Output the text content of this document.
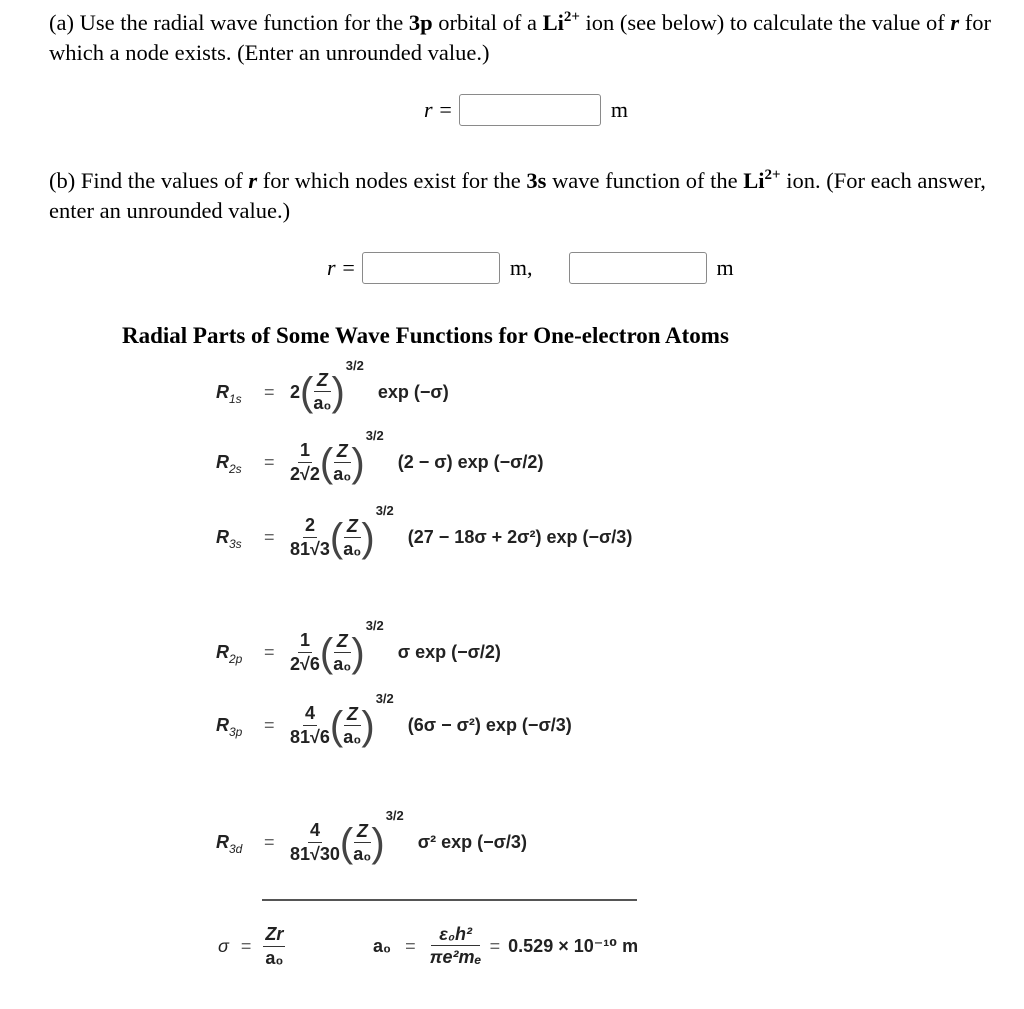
(a) Use the radial wave function for the 3p orbital of a $Li^{2+}$ ion (see below) to calculate the value of r for which a node exists. (Enter an unrounded value.)
r =	m
(b) Find the values of r for which nodes exist for the 3s wave function of the $Li^{2+}$ ion. (For each answer, enter an unrounded value.)
r =	m,	m
Radial Parts of Some Wave Functions for One-electron Atoms
$R_{1s}$	= 2 ( $\frac{Z}{\text{a₀}}$ )
3/2
exp (−σ)
$R_{2s}$	= $\frac{1}{2√2}$ ( $\frac{Z}{\text{a₀}}$ )
3/2
(2 − σ) exp (−σ/2)
$R_{3s}$	= $\frac{2}{81√3}$ ( $\frac{Z}{\text{a₀}}$ )
3/2
(27 − 18σ + 2σ²) exp (−σ/3)
$R_{2p}$	= $\frac{1}{2√6}$ ( $\frac{Z}{\text{a₀}}$ )
3/2
σ exp (−σ/2)
$R_{3p}$	= $\frac{4}{81√6}$ ( $\frac{Z}{\text{a₀}}$ )
3/2
(6σ − σ²) exp (−σ/3)
$R_{3d}$	= $\frac{4}{81√30}$ ( $\frac{Z}{\text{a₀}}$ )
3/2
σ² exp (−σ/3)
$\sigma = \frac{Zr}{\text{a₀}}$	$a_0 = \frac{\text{ε₀h²}}{\text{πe²mₑ}} = 0.529 \times 10^{-10}$ m
